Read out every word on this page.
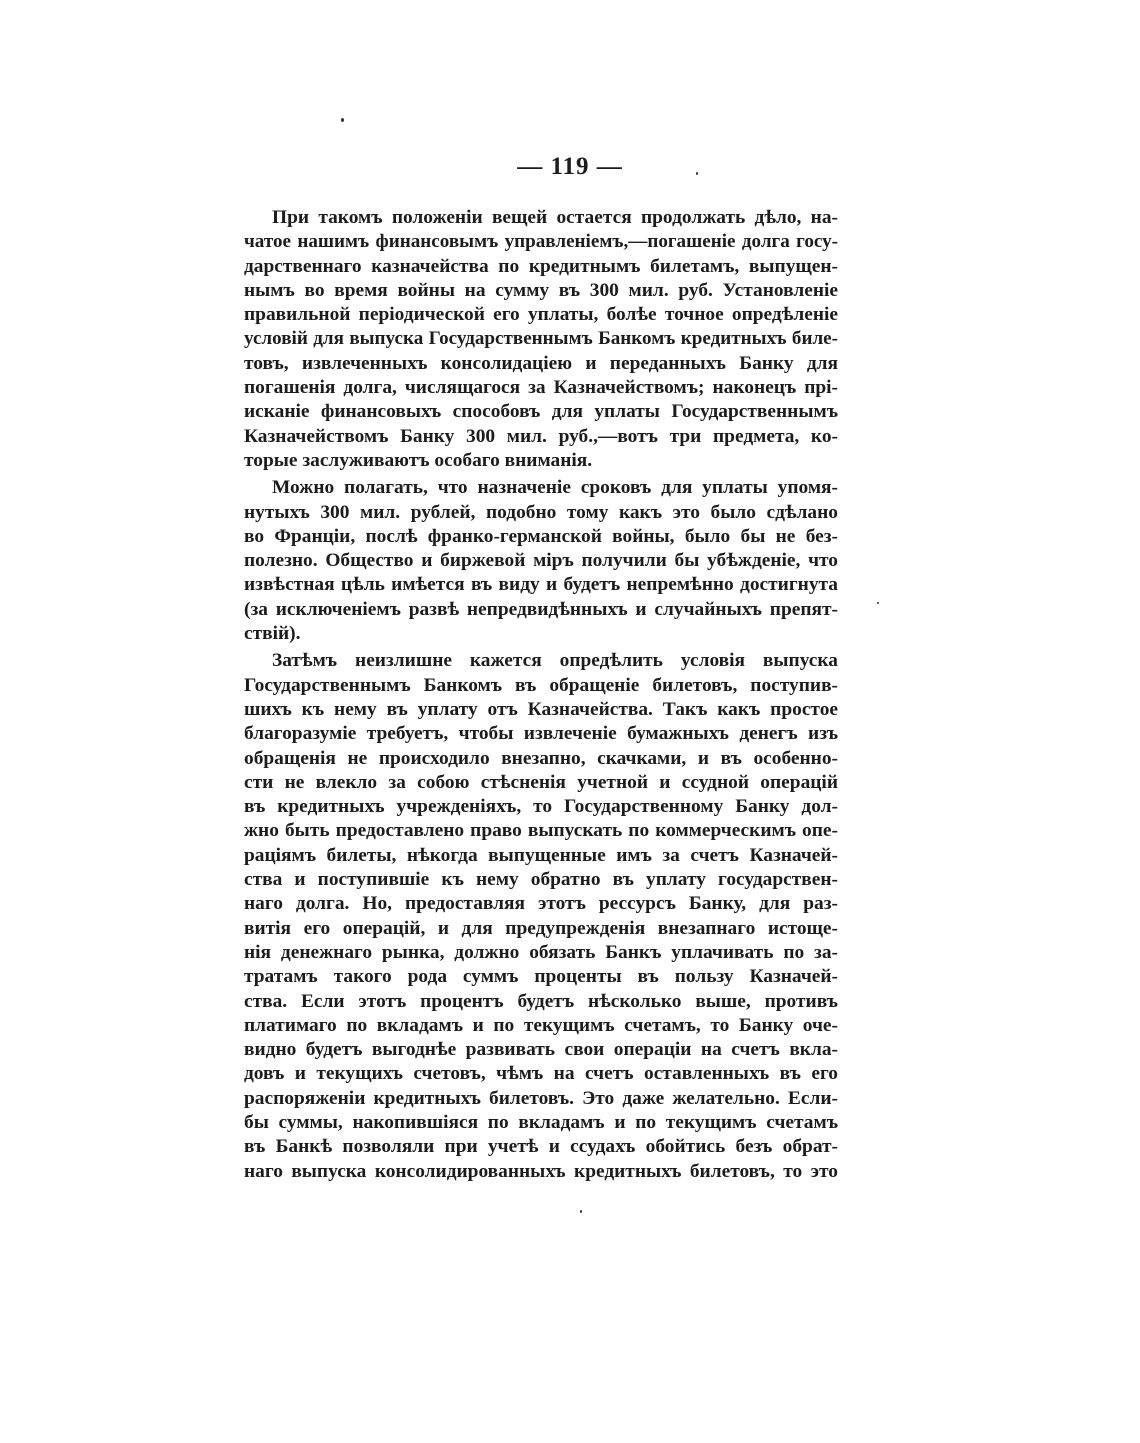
— 119 —
При такомъ положеніи вещей остается продолжать дѣло, на-
чатое нашимъ финансовымъ управленіемъ,—погашеніе долга госу-
дарственнаго казначейства по кредитнымъ билетамъ, выпущен-
нымъ во время войны на сумму въ 300 мил. руб. Установленіе
правильной періодической его уплаты, болѣе точное опредѣленіе
условій для выпуска Государственнымъ Банкомъ кредитныхъ биле-
товъ, извлеченныхъ консолидаціею и переданныхъ Банку для
погашенія долга, числящагося за Казначействомъ; наконецъ прі-
исканіе финансовыхъ способовъ для уплаты Государственнымъ
Казначействомъ Банку 300 мил. руб.,—вотъ три предмета, ко-
торые заслуживаютъ особаго вниманія.
Можно полагать, что назначеніе сроковъ для уплаты упомя-
нутыхъ 300 мил. рублей, подобно тому какъ это было сдѣлано
во Франціи, послѣ франко-германской войны, было бы не без-
полезно. Общество и биржевой міръ получили бы убѣжденіе, что
извѣстная цѣль имѣется въ виду и будетъ непремѣнно достигнута
(за исключеніемъ развѣ непредвидѣнныхъ и случайныхъ препят-
ствій).
Затѣмъ неизлишне кажется опредѣлить условія выпуска
Государственнымъ Банкомъ въ обращеніе билетовъ, поступив-
шихъ къ нему въ уплату отъ Казначейства. Такъ какъ простое
благоразуміе требуетъ, чтобы извлеченіе бумажныхъ денегъ изъ
обращенія не происходило внезапно, скачками, и въ особенно-
сти не влекло за собою стѣсненія учетной и ссудной операцій
въ кредитныхъ учрежденіяхъ, то Государственному Банку дол-
жно быть предоставлено право выпускать по коммерческимъ опе-
раціямъ билеты, нѣкогда выпущенные имъ за счетъ Казначей-
ства и поступившіе къ нему обратно въ уплату государствен-
наго долга. Но, предоставляя этотъ рессурсъ Банку, для раз-
витія его операцій, и для предупрежденія внезапнаго истоще-
нія денежнаго рынка, должно обязать Банкъ уплачивать по за-
тратамъ такого рода суммъ проценты въ пользу Казначей-
ства. Если этотъ процентъ будетъ нѣсколько выше, противъ
платимаго по вкладамъ и по текущимъ счетамъ, то Банку оче-
видно будетъ выгоднѣе развивать свои операціи на счетъ вкла-
довъ и текущихъ счетовъ, чѣмъ на счетъ оставленныхъ въ его
распоряженіи кредитныхъ билетовъ. Это даже желательно. Если-
бы суммы, накопившіяся по вкладамъ и по текущимъ счетамъ
въ Банкѣ позволяли при учетѣ и ссудахъ обойтись безъ обрат-
наго выпуска консолидированныхъ кредитныхъ билетовъ, то это
